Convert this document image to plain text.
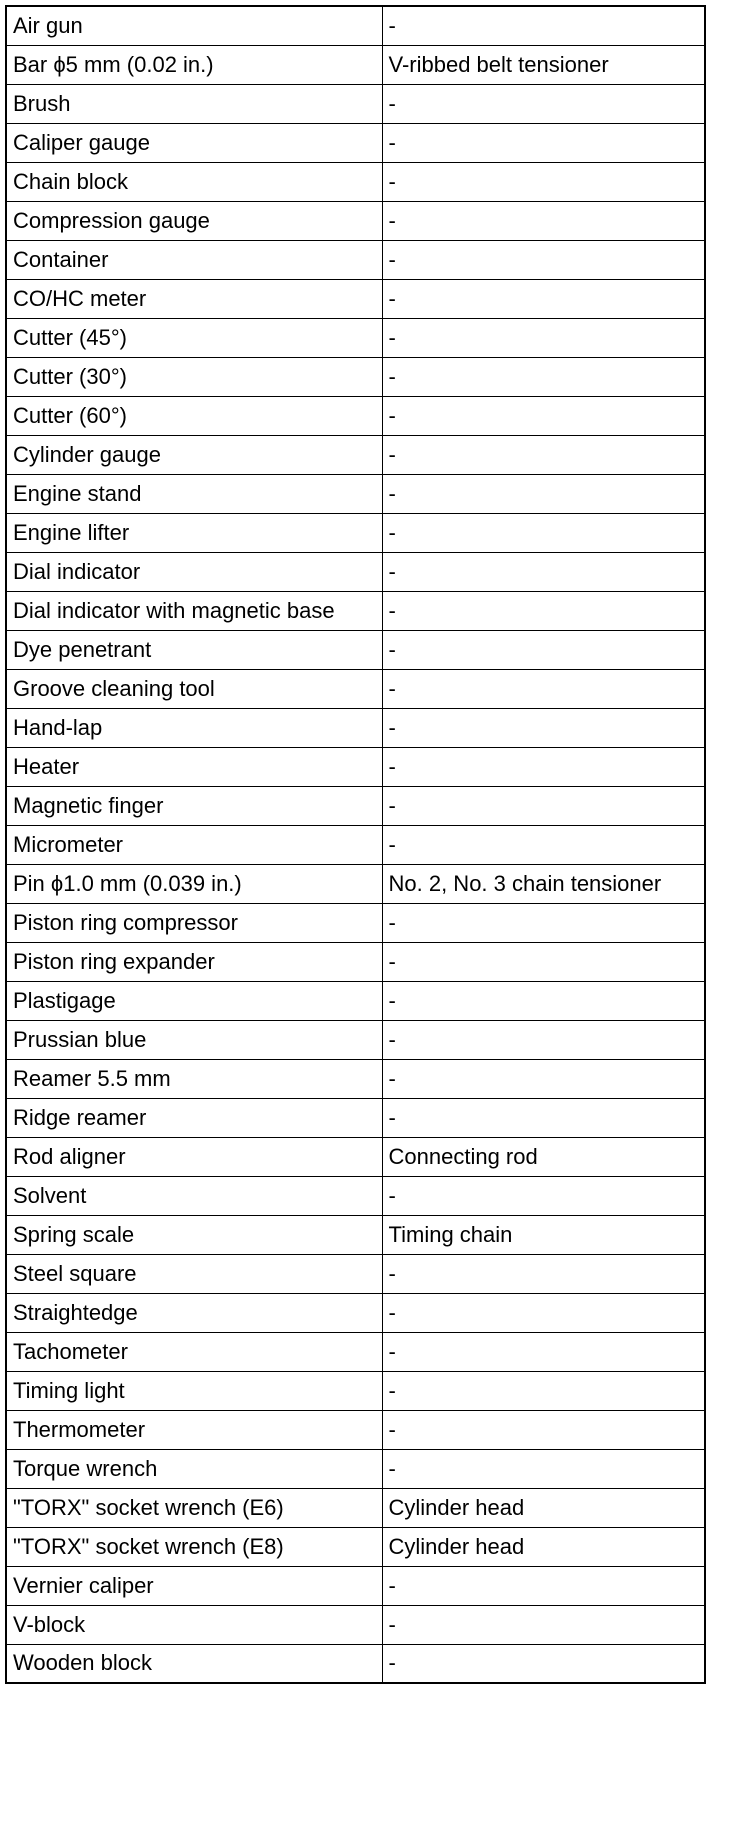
Air gun	-
Bar ϕ5 mm (0.02 in.)	V-ribbed belt tensioner
Brush	-
Caliper gauge	-
Chain block	-
Compression gauge	-
Container	-
CO/HC meter	-
Cutter (45°)	-
Cutter (30°)	-
Cutter (60°)	-
Cylinder gauge	-
Engine stand	-
Engine lifter	-
Dial indicator	-
Dial indicator with magnetic base	-
Dye penetrant	-
Groove cleaning tool	-
Hand-lap	-
Heater	-
Magnetic finger	-
Micrometer	-
Pin ϕ1.0 mm (0.039 in.)	No. 2, No. 3 chain tensioner
Piston ring compressor	-
Piston ring expander	-
Plastigage	-
Prussian blue	-
Reamer 5.5 mm	-
Ridge reamer	-
Rod aligner	Connecting rod
Solvent	-
Spring scale	Timing chain
Steel square	-
Straightedge	-
Tachometer	-
Timing light	-
Thermometer	-
Torque wrench	-
"TORX" socket wrench (E6)	Cylinder head
"TORX" socket wrench (E8)	Cylinder head
Vernier caliper	-
V-block	-
Wooden block	-
